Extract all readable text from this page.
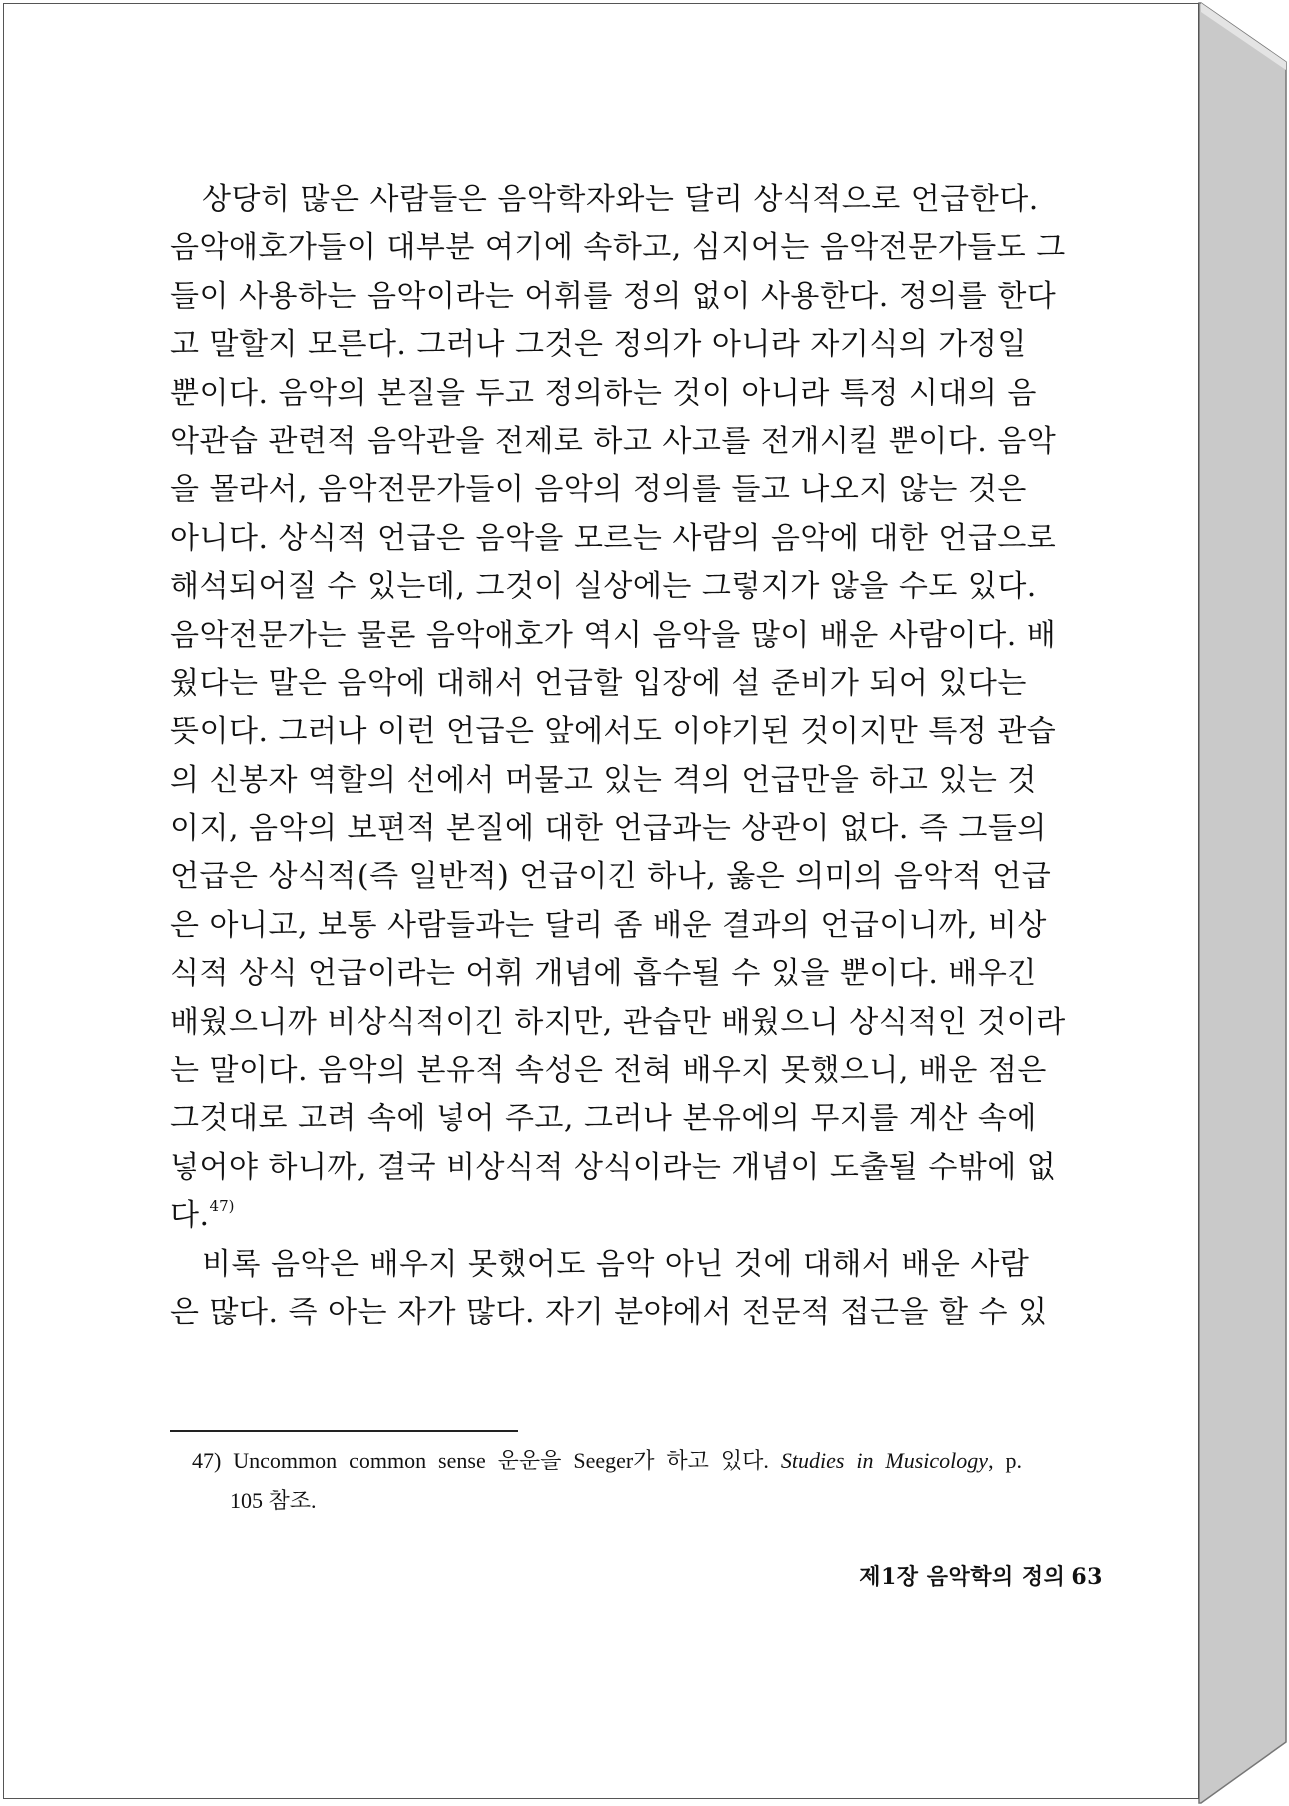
상당히 많은 사람들은 음악학자와는 달리 상식적으로 언급한다.
음악애호가들이 대부분 여기에 속하고, 심지어는 음악전문가들도 그
들이 사용하는 음악이라는 어휘를 정의 없이 사용한다. 정의를 한다
고 말할지 모른다. 그러나 그것은 정의가 아니라 자기식의 가정일
뿐이다. 음악의 본질을 두고 정의하는 것이 아니라 특정 시대의 음
악관습 관련적 음악관을 전제로 하고 사고를 전개시킬 뿐이다. 음악
을 몰라서, 음악전문가들이 음악의 정의를 들고 나오지 않는 것은
아니다. 상식적 언급은 음악을 모르는 사람의 음악에 대한 언급으로
해석되어질 수 있는데, 그것이 실상에는 그렇지가 않을 수도 있다.
음악전문가는 물론 음악애호가 역시 음악을 많이 배운 사람이다. 배
웠다는 말은 음악에 대해서 언급할 입장에 설 준비가 되어 있다는
뜻이다. 그러나 이런 언급은 앞에서도 이야기된 것이지만 특정 관습
의 신봉자 역할의 선에서 머물고 있는 격의 언급만을 하고 있는 것
이지, 음악의 보편적 본질에 대한 언급과는 상관이 없다. 즉 그들의
언급은 상식적(즉 일반적) 언급이긴 하나, 옳은 의미의 음악적 언급
은 아니고, 보통 사람들과는 달리 좀 배운 결과의 언급이니까, 비상
식적 상식 언급이라는 어휘 개념에 흡수될 수 있을 뿐이다. 배우긴
배웠으니까 비상식적이긴 하지만, 관습만 배웠으니 상식적인 것이라
는 말이다. 음악의 본유적 속성은 전혀 배우지 못했으니, 배운 점은
그것대로 고려 속에 넣어 주고, 그러나 본유에의 무지를 계산 속에
넣어야 하니까, 결국 비상식적 상식이라는 개념이 도출될 수밖에 없
다.$^{47)}$
비록 음악은 배우지 못했어도 음악 아닌 것에 대해서 배운 사람
은 많다. 즉 아는 자가 많다. 자기 분야에서 전문적 접근을 할 수 있
47) Uncommon common sense 운운을 Seeger가 하고 있다. Studies in Musicology, p.
105 참조.
제1장 음악학의 정의 63
